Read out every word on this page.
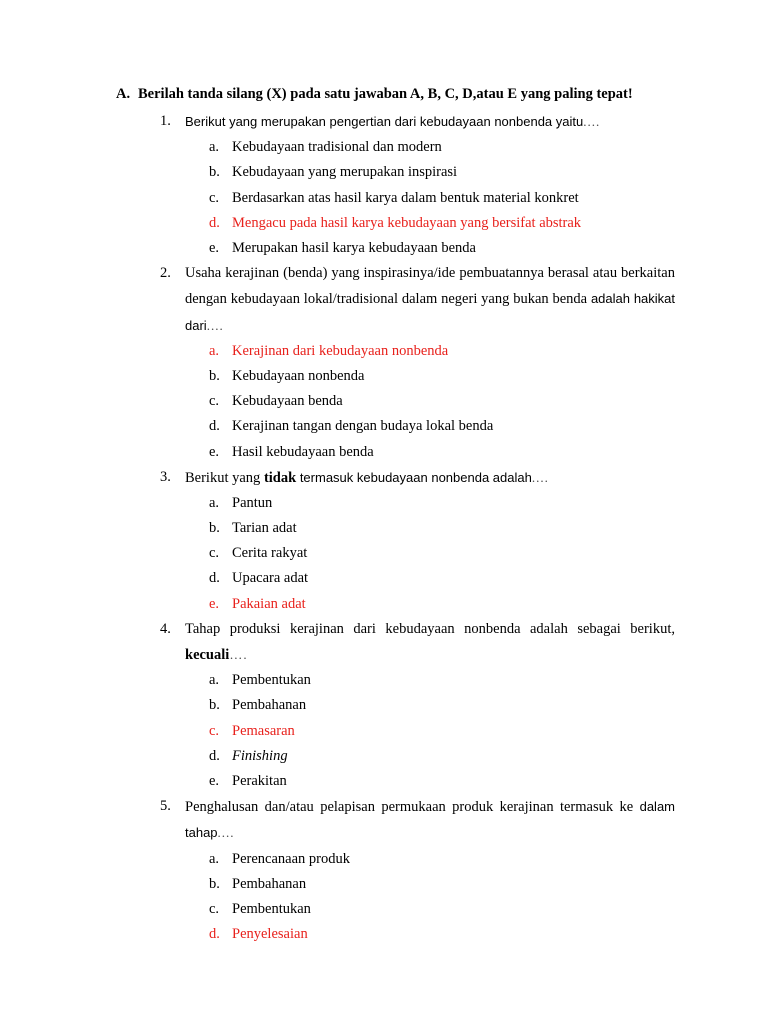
A. Berilah tanda silang (X) pada satu jawaban A, B, C, D,atau E yang paling tepat!
1.	Berikut yang merupakan pengertian dari kebudayaan nonbenda yaitu....
a. Kebudayaan tradisional dan modern
b. Kebudayaan yang merupakan inspirasi
c. Berdasarkan atas hasil karya dalam bentuk material konkret
d. Mengacu pada hasil karya kebudayaan yang bersifat abstrak
e. Merupakan hasil karya kebudayaan benda
2. Usaha kerajinan (benda) yang inspirasinya/ide pembuatannya berasal atau berkaitan dengan kebudayaan lokal/tradisional dalam negeri yang bukan benda adalah hakikat dari....
a. Kerajinan dari kebudayaan nonbenda
b. Kebudayaan nonbenda
c. Kebudayaan benda
d. Kerajinan tangan dengan budaya lokal benda
e. Hasil kebudayaan benda
3. Berikut yang tidak termasuk kebudayaan nonbenda adalah....
a. Pantun
b. Tarian adat
c. Cerita rakyat
d. Upacara adat
e. Pakaian adat
4. Tahap produksi kerajinan dari kebudayaan nonbenda adalah sebagai berikut, kecuali….
a. Pembentukan
b. Pembahanan
c. Pemasaran
d. Finishing
e. Perakitan
5. Penghalusan dan/atau pelapisan permukaan produk kerajinan termasuk ke dalam tahap....
a. Perencanaan produk
b. Pembahanan
c. Pembentukan
d. Penyelesaian
